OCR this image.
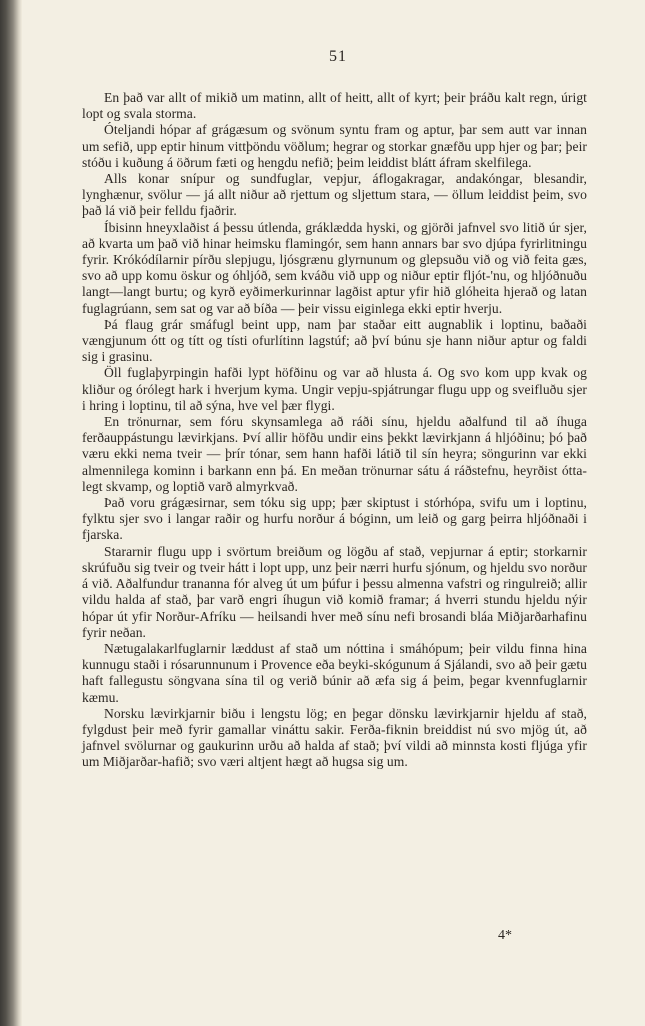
51

En það var allt of mikið um matinn, allt of heitt, allt of kyrt; þeir þráðu kalt regn, úrigt lopt og svala storma.

Óteljandi hópar af grágæsum og svönum syntu fram og aptur, þar sem autt var innan um sefið, upp eptir hinum vittþöndu vöðlum; hegrar og storkar gnæfðu upp hjer og þar; þeir stóðu i kuðung á öðrum fæti og hengdu nefið; þeim leiddist blátt áfram skelfilega.

Alls konar snípur og sundfuglar, vepjur, áflogakragar, andakóngar, blesandir, lynghænur, svölur — já allt niður að rjettum og sljettum stara, — öllum leiddist þeim, svo það lá við þeir felldu fjaðrir.

Íbisinn hneyxlaðist á þessu útlenda, gráklædda hyski, og gjörði jafnvel svo litið úr sjer, að kvarta um það við hinar heimsku flamingór, sem hann annars bar svo djúpa fyrirlitningu fyrir. Krókódílarnir pírðu slepjugu, ljósgrænu glyrnunum og glepsuðu við og við feita gæs, svo að upp komu öskur og óhljóð, sem kváðu við upp og niður eptir fljót-'nu, og hljóðnuðu langt—langt burtu; og kyrð eyðimerkurinnar lagðist aptur yfir hið glóheita hjerað og latan fuglagrúann, sem sat og var að bíða — þeir vissu eiginlega ekki eptir hverju.

Þá flaug grár smáfugl beint upp, nam þar staðar eitt augnablik i loptinu, baðaði vængjunum ótt og títt og tísti ofurlítinn lagstúf; að því búnu sje hann niður aptur og faldi sig i grasinu.

Öll fuglaþyrpingin hafði lypt höfðinu og var að hlusta á. Og svo kom upp kvak og kliður og órólegt hark i hverjum kyma. Ungir vepju-spjátrungar flugu upp og sveifluðu sjer i hring i loptinu, til að sýna, hve vel þær flygi.

En trönurnar, sem fóru skynsamlega að ráði sínu, hjeldu aðalfund til að íhuga ferðauppástungu lævirkjans. Því allir höfðu undir eins þekkt lævirkjann á hljóðinu; þó það væru ekki nema tveir — þrír tónar, sem hann hafði látið til sín heyra; söngurinn var ekki almennilega kominn i barkann enn þá. En meðan trönurnar sátu á ráðstefnu, heyrðist ótta-legt skvamp, og loptið varð almyrkvað.

Það voru grágæsirnar, sem tóku sig upp; þær skiptust i stórhópa, svifu um i loptinu, fylktu sjer svo i langar raðir og hurfu norður á bóginn, um leið og garg þeirra hljóðnaði i fjarska.

Stararnir flugu upp i svörtum breiðum og lögðu af stað, vepjurnar á eptir; storkarnir skrúfuðu sig tveir og tveir hátt i lopt upp, unz þeir nærri hurfu sjónum, og hjeldu svo norður á við. Aðalfundur trananna fór alveg út um þúfur i þessu almenna vafstri og ringulreið; allir vildu halda af stað, þar varð engri íhugun við komið framar; á hverri stundu hjeldu nýir hópar út yfir Norður-Afríku — heilsandi hver með sínu nefi brosandi bláa Miðjarðarhafinu fyrir neðan.

Nætugalakarlfuglarnir læddust af stað um nóttina i smáhópum; þeir vildu finna hina kunnugu staði i rósarunnunum i Provence eða beyki-skógunum á Sjálandi, svo að þeir gætu haft fallegustu söngvana sína til og verið búnir að æfa sig á þeim, þegar kvennfuglarnir kæmu.

Norsku lævirkjarnir biðu i lengstu lög; en þegar dönsku lævirkjarnir hjeldu af stað, fylgdust þeir með fyrir gamallar vináttu sakir. Ferða-fiknin breiddist nú svo mjög út, að jafnvel svölurnar og gaukurinn urðu að halda af stað; því vildi að minnsta kosti fljúga yfir um Miðjarðar-hafið; svo væri altjent hægt að hugsa sig um.

4*
